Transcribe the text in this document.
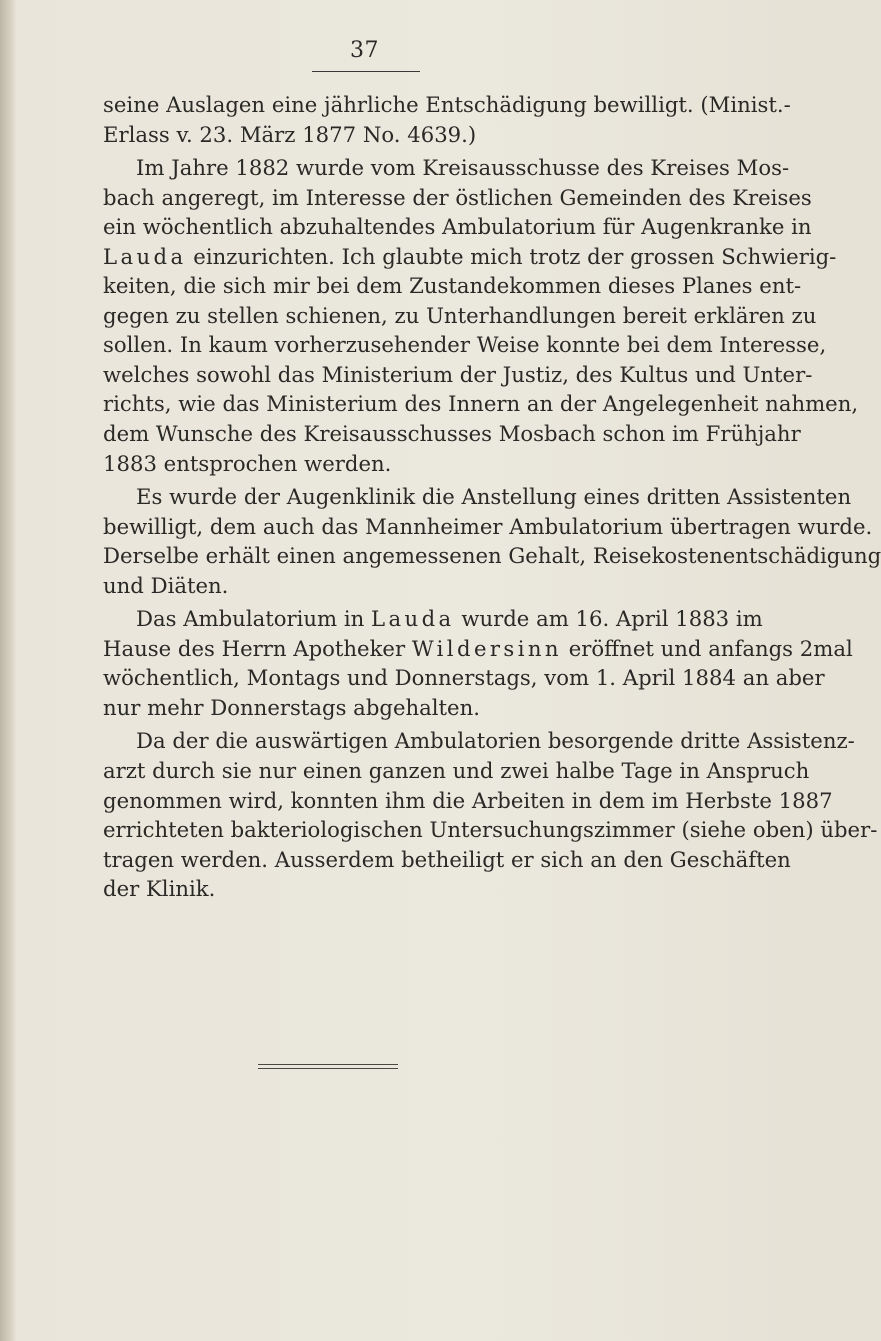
37
seine Auslagen eine jährliche Entschädigung bewilligt. (Minist.-
Erlass v. 23. März 1877 No. 4639.)
Im Jahre 1882 wurde vom Kreisausschusse des Kreises Mos-
bach angeregt, im Interesse der östlichen Gemeinden des Kreises
ein wöchentlich abzuhaltendes Ambulatorium für Augenkranke in
Lauda einzurichten. Ich glaubte mich trotz der grossen Schwierig-
keiten, die sich mir bei dem Zustandekommen dieses Planes ent-
gegen zu stellen schienen, zu Unterhandlungen bereit erklären zu
sollen. In kaum vorherzusehender Weise konnte bei dem Interesse,
welches sowohl das Ministerium der Justiz, des Kultus und Unter-
richts, wie das Ministerium des Innern an der Angelegenheit nahmen,
dem Wunsche des Kreisausschusses Mosbach schon im Frühjahr
1883 entsprochen werden.
Es wurde der Augenklinik die Anstellung eines dritten Assistenten
bewilligt, dem auch das Mannheimer Ambulatorium übertragen wurde.
Derselbe erhält einen angemessenen Gehalt, Reisekostenentschädigung
und Diäten.
Das Ambulatorium in Lauda wurde am 16. April 1883 im
Hause des Herrn Apotheker Wildersinn eröffnet und anfangs 2mal
wöchentlich, Montags und Donnerstags, vom 1. April 1884 an aber
nur mehr Donnerstags abgehalten.
Da der die auswärtigen Ambulatorien besorgende dritte Assistenz-
arzt durch sie nur einen ganzen und zwei halbe Tage in Anspruch
genommen wird, konnten ihm die Arbeiten in dem im Herbste 1887
errichteten bakteriologischen Untersuchungszimmer (siehe oben) über-
tragen werden. Ausserdem betheiligt er sich an den Geschäften
der Klinik.
